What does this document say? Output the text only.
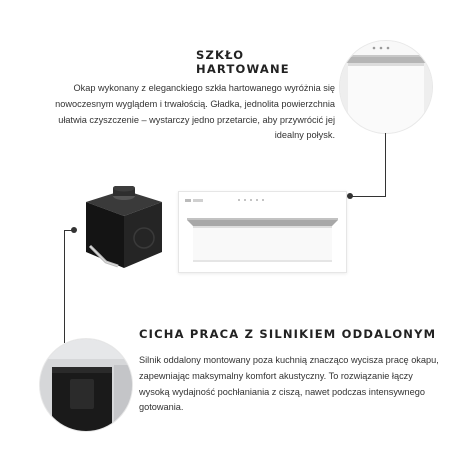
SZKŁO HARTOWANE
Okap wykonany z eleganckiego szkła hartowanego wyróżnia się nowoczesnym wyglądem i trwałością. Gładka, jednolita powierzchnia ułatwia czyszczenie – wystarczy jedno przetarcie, aby przywrócić jej idealny połysk.
CICHA PRACA Z SILNIKIEM ODDALONYM
Silnik oddalony montowany poza kuchnią znacząco wycisza pracę okapu, zapewniając maksymalny komfort akustyczny. To rozwiązanie łączy wysoką wydajność pochłaniania z ciszą, nawet podczas intensywnego gotowania.
